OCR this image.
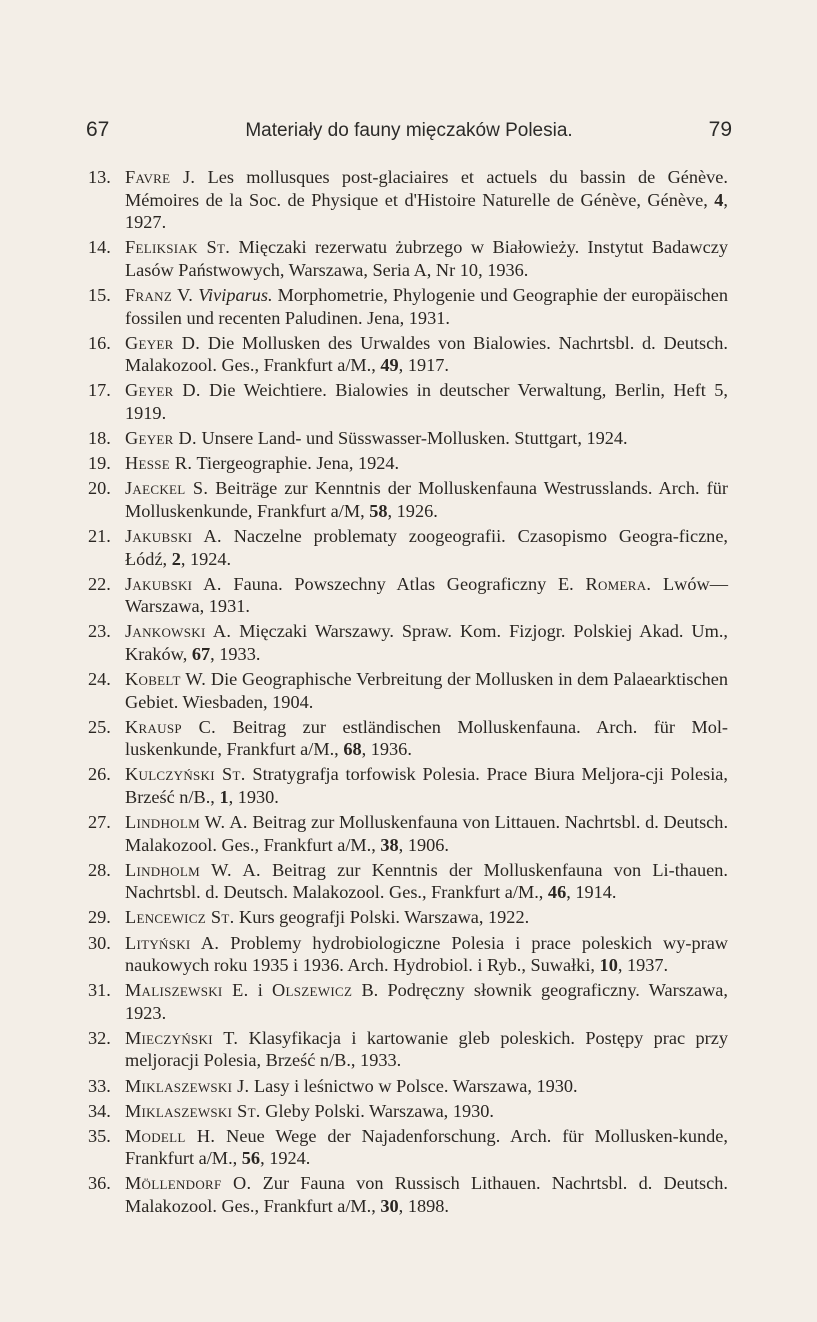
67	Materiały do fauny mięczaków Polesia.	79
13. Favre J. Les mollusques post-glaciaires et actuels du bassin de Génève. Mémoires de la Soc. de Physique et d'Histoire Naturelle de Génève, Génève, 4, 1927.
14. Feliksiak St. Mięczaki rezerwatu żubrzego w Białowieży. Instytut Badawczy Lasów Państwowych, Warszawa, Seria A, Nr 10, 1936.
15. Franz V. Viviparus. Morphometrie, Phylogenie und Geographie der europäischen fossilen und recenten Paludinen. Jena, 1931.
16. Geyer D. Die Mollusken des Urwaldes von Bialowies. Nachrtsbl. d. Deutsch. Malakozool. Ges., Frankfurt a/M., 49, 1917.
17. Geyer D. Die Weichtiere. Bialowies in deutscher Verwaltung, Berlin, Heft 5, 1919.
18. Geyer D. Unsere Land- und Süsswasser-Mollusken. Stuttgart, 1924.
19. Hesse R. Tiergeographie. Jena, 1924.
20. Jaeckel S. Beiträge zur Kenntnis der Molluskenfauna Westrusslands. Arch. für Molluskenkunde, Frankfurt a/M, 58, 1926.
21. Jakubski A. Naczelne problematy zoogeografii. Czasopismo Geogra-ficzne, Łódź, 2, 1924.
22. Jakubski A. Fauna. Powszechny Atlas Geograficzny E. Romera. Lwów—Warszawa, 1931.
23. Jankowski A. Mięczaki Warszawy. Spraw. Kom. Fizjogr. Polskiej Akad. Um., Kraków, 67, 1933.
24. Kobelt W. Die Geographische Verbreitung der Mollusken in dem Palaearktischen Gebiet. Wiesbaden, 1904.
25. Krausp C. Beitrag zur estländischen Molluskenfauna. Arch. für Mol-luskenkunde, Frankfurt a/M., 68, 1936.
26. Kulczyński St. Stratygrafja torfowisk Polesia. Prace Biura Meljora-cji Polesia, Brześć n/B., 1, 1930.
27. Lindholm W. A. Beitrag zur Molluskenfauna von Littauen. Nachrtsbl. d. Deutsch. Malakozool. Ges., Frankfurt a/M., 38, 1906.
28. Lindholm W. A. Beitrag zur Kenntnis der Molluskenfauna von Li-thauen. Nachrtsbl. d. Deutsch. Malakozool. Ges., Frankfurt a/M., 46, 1914.
29. Lencewicz St. Kurs geografji Polski. Warszawa, 1922.
30. Lityński A. Problemy hydrobiologiczne Polesia i prace poleskich wy-praw naukowych roku 1935 i 1936. Arch. Hydrobiol. i Ryb., Suwałki, 10, 1937.
31. Maliszewski E. i Olszewicz B. Podręczny słownik geograficzny. Warszawa, 1923.
32. Mieczyński T. Klasyfikacja i kartowanie gleb poleskich. Postępy prac przy meljoracji Polesia, Brześć n/B., 1933.
33. Miklaszewski J. Lasy i leśnictwo w Polsce. Warszawa, 1930.
34. Miklaszewski St. Gleby Polski. Warszawa, 1930.
35. Modell H. Neue Wege der Najadenforschung. Arch. für Mollusken-kunde, Frankfurt a/M., 56, 1924.
36. Möllendorf O. Zur Fauna von Russisch Lithauen. Nachrtsbl. d. Deutsch. Malakozool. Ges., Frankfurt a/M., 30, 1898.
